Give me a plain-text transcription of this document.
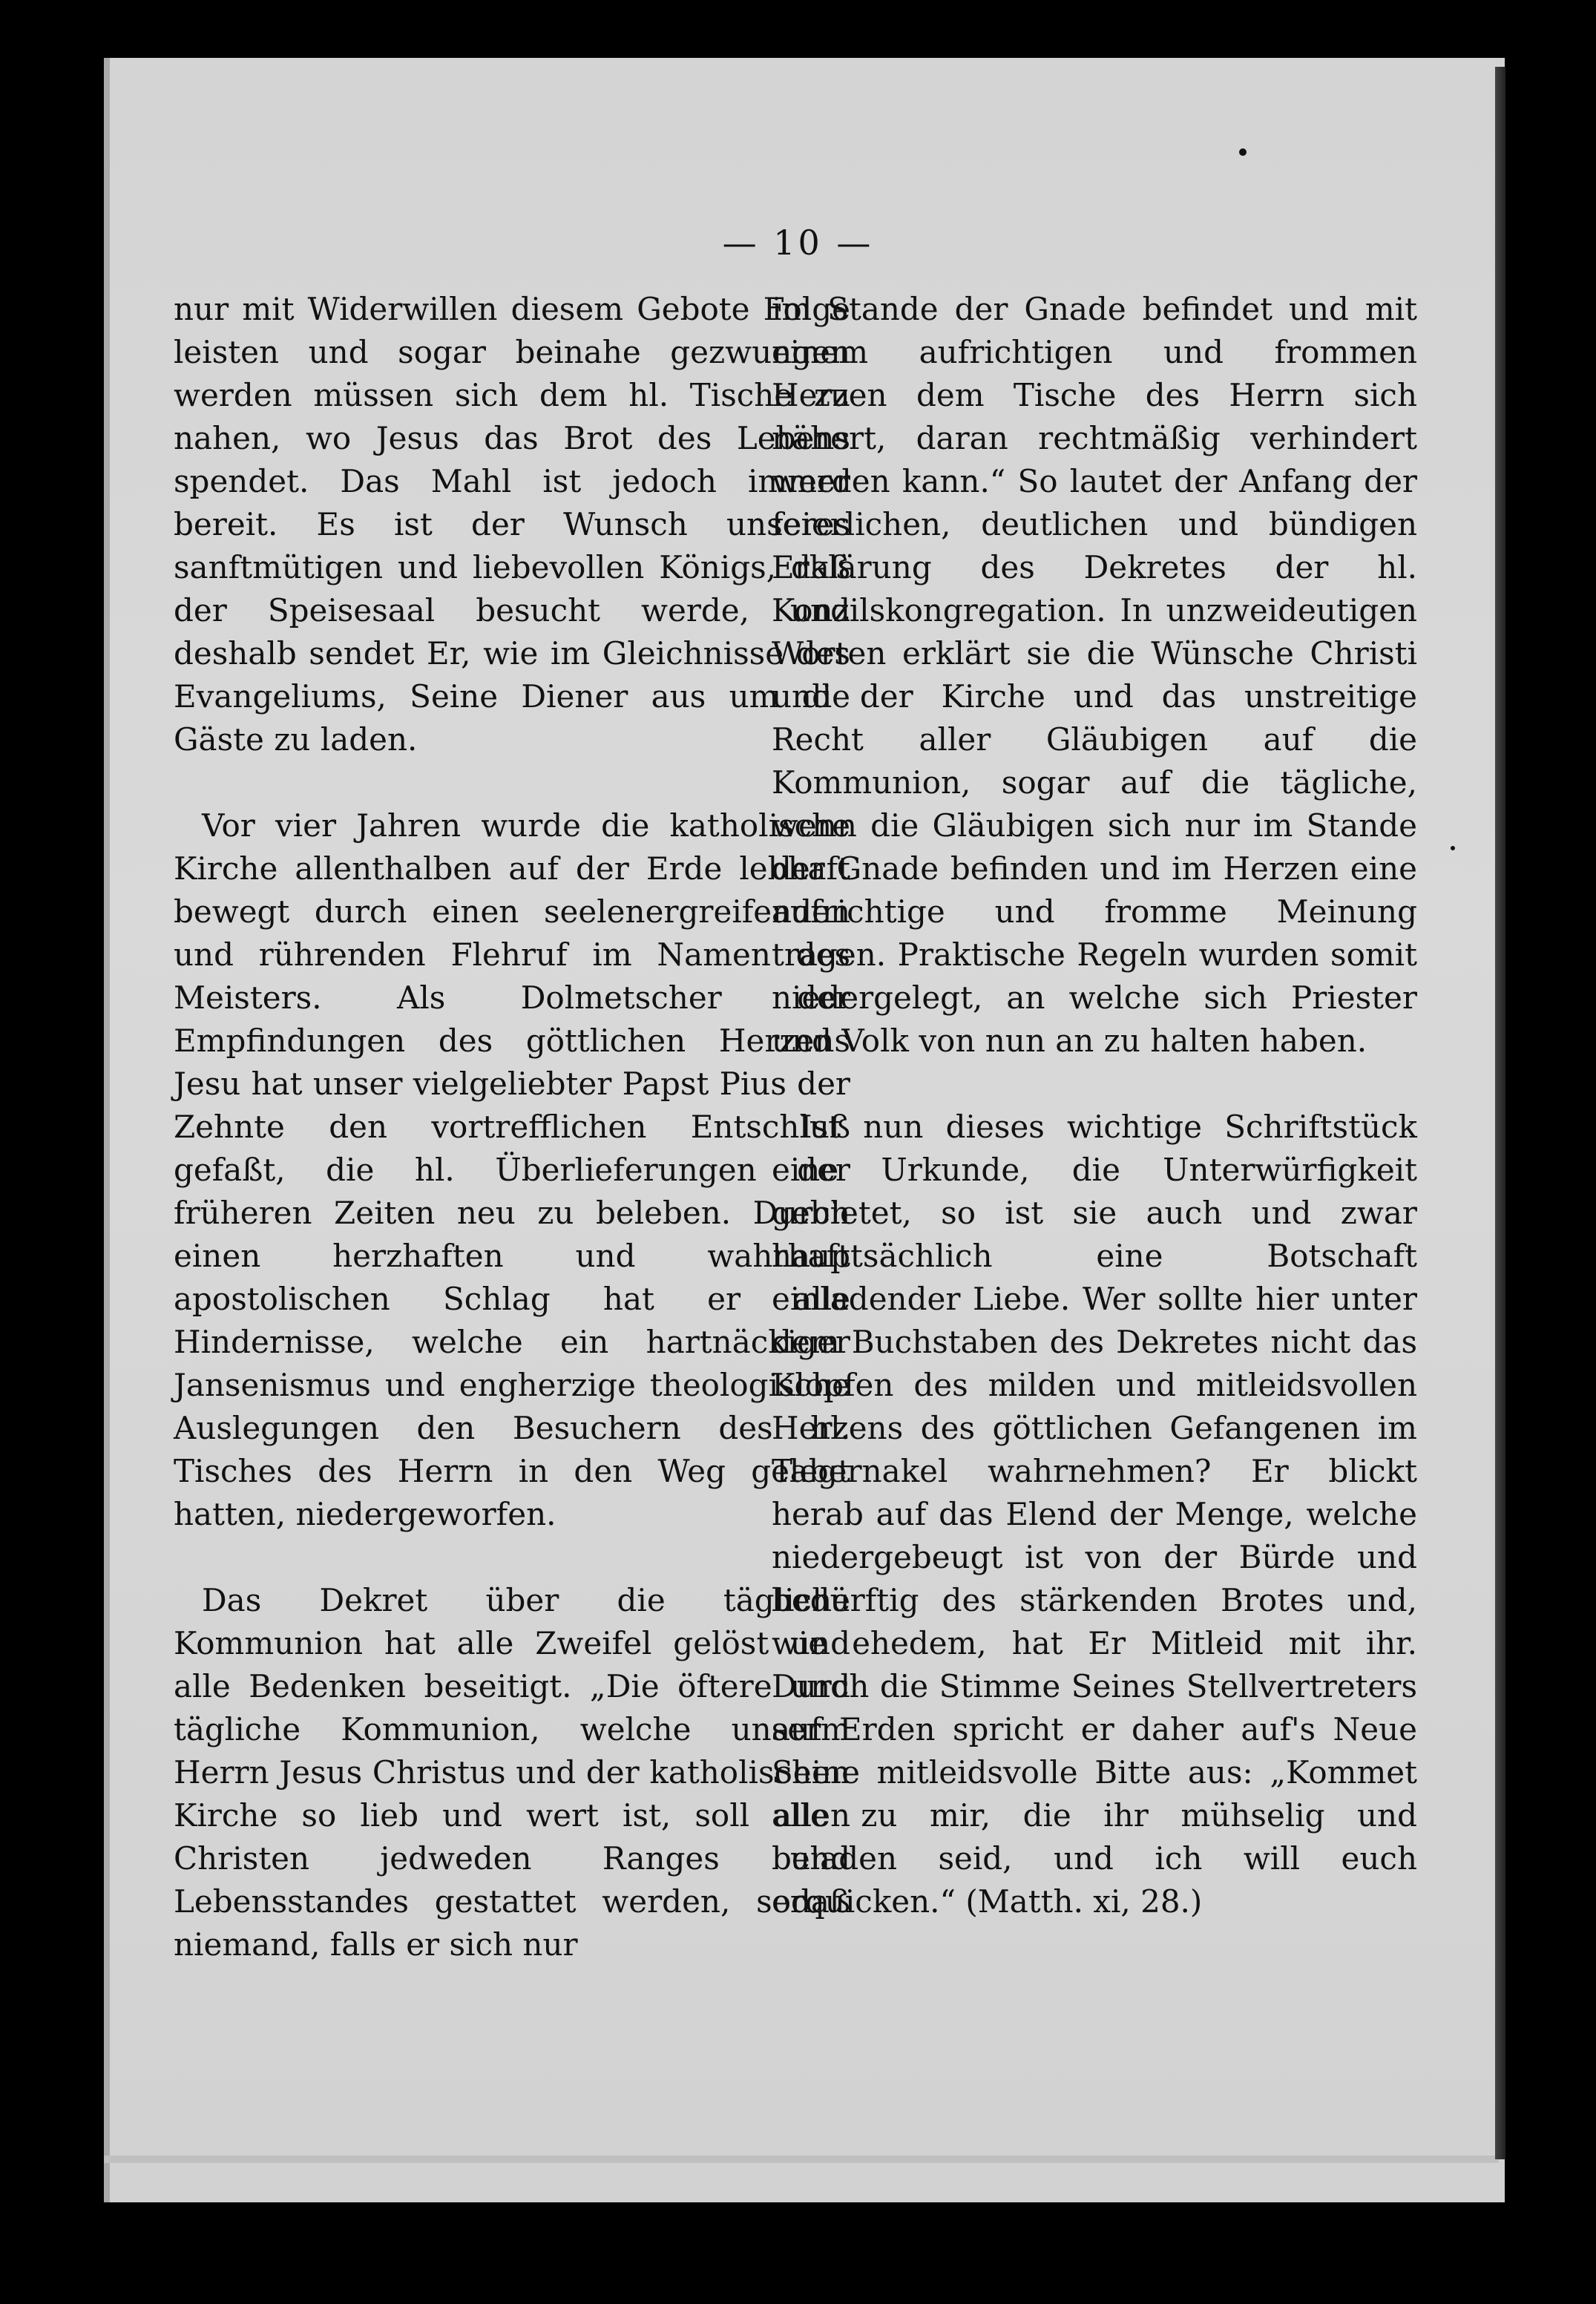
— 10 —

nur mit Widerwillen diesem Gebote Folge leisten und sogar beinahe gezwungen werden müssen sich dem hl. Tische zu nahen, wo Jesus das Brot des Lebens spendet. Das Mahl ist jedoch immer bereit. Es ist der Wunsch unseres sanftmütigen und liebevollen Königs, daß der Speisesaal besucht werde, und deshalb sendet Er, wie im Gleichnisse des Evangeliums, Seine Diener aus um die Gäste zu laden.

Vor vier Jahren wurde die katholische Kirche allenthalben auf der Erde lebhaft bewegt durch einen seelenergreifenden und rührenden Flehruf im Namen des Meisters. Als Dolmetscher der Empfindungen des göttlichen Herzens Jesu hat unser vielgeliebter Papst Pius der Zehnte den vortrefflichen Entschluß gefaßt, die hl. Überlieferungen der früheren Zeiten neu zu beleben. Durch einen herzhaften und wahrhaft apostolischen Schlag hat er alle Hindernisse, welche ein hartnäckiger Jansenismus und engherzige theologische Auslegungen den Besuchern des hl. Tisches des Herrn in den Weg gelegt hatten, niedergeworfen.

Das Dekret über die tägliche Kommunion hat alle Zweifel gelöst und alle Bedenken beseitigt. „Die öftere und tägliche Kommunion, welche unserm Herrn Jesus Christus und der katholischen Kirche so lieb und wert ist, soll allen Christen jedweden Ranges und Lebensstandes gestattet werden, sodaß niemand, falls er sich nur

im Stande der Gnade befindet und mit einem aufrichtigen und frommen Herzen dem Tische des Herrn sich nähert, daran rechtmäßig verhindert werden kann.“ So lautet der Anfang der feierlichen, deutlichen und bündigen Erklärung des Dekretes der hl. Konzilskongregation. In unzweideutigen Worten erklärt sie die Wünsche Christi und der Kirche und das unstreitige Recht aller Gläubigen auf die Kommunion, sogar auf die tägliche, wenn die Gläubigen sich nur im Stande der Gnade befinden und im Herzen eine aufrichtige und fromme Meinung tragen. Praktische Regeln wurden somit niedergelegt, an welche sich Priester und Volk von nun an zu halten haben.

Ist nun dieses wichtige Schriftstück eine Urkunde, die Unterwürfigkeit gebietet, so ist sie auch und zwar hauptsächlich eine Botschaft einladender Liebe. Wer sollte hier unter dem Buchstaben des Dekretes nicht das Klopfen des milden und mitleidsvollen Herzens des göttlichen Gefangenen im Tabernakel wahrnehmen? Er blickt herab auf das Elend der Menge, welche niedergebeugt ist von der Bürde und bedürftig des stärkenden Brotes und, wie ehedem, hat Er Mitleid mit ihr. Durch die Stimme Seines Stellvertreters auf Erden spricht er daher auf's Neue Seine mitleidsvolle Bitte aus: „Kommet alle zu mir, die ihr mühselig und beladen seid, und ich will euch erquicken.“ (Matth. xi, 28.)
